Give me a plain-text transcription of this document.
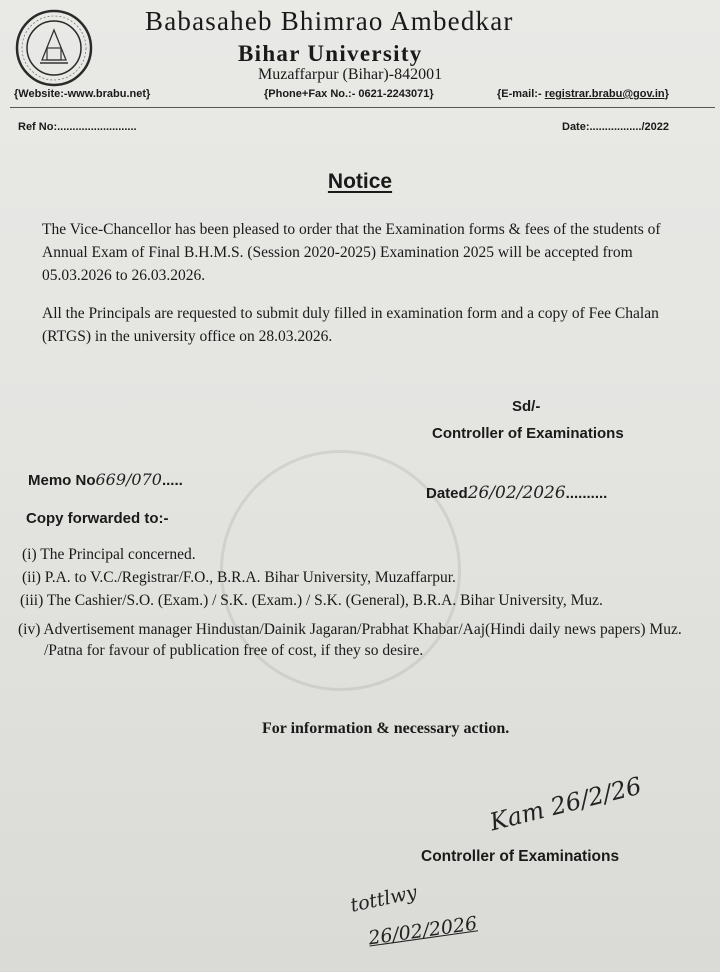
Babasaheb Bhimrao Ambedkar
Bihar University
Muzaffarpur (Bihar)-842001
{Website:-www.brabu.net}	{Phone+Fax No.:- 0621-2243071}	{E-mail:- registrar.brabu@gov.in}
Ref No:..........................	Date:................./2022
Notice
The Vice-Chancellor has been pleased to order that the Examination forms & fees of the students of Annual Exam of Final B.H.M.S. (Session 2020-2025) Examination 2025 will be accepted from 05.03.2026 to 26.03.2026.
All the Principals are requested to submit duly filled in examination form and a copy of Fee Chalan (RTGS) in the university office on 28.03.2026.
Sd/-
Controller of Examinations
Memo No669/070.....
Dated26/02/2026..........
Copy forwarded to:-
(i) The Principal concerned.
(ii) P.A. to V.C./Registrar/F.O., B.R.A. Bihar University, Muzaffarpur.
(iii) The Cashier/S.O. (Exam.) / S.K. (Exam.) / S.K. (General), B.R.A. Bihar University, Muz.
(iv) Advertisement manager Hindustan/Dainik Jagaran/Prabhat Khabar/Aaj(Hindi daily news papers) Muz. /Patna for favour of publication free of cost, if they so desire.
For information & necessary action.
Kam 26/2/26
Controller of Examinations
tottlwy
26/02/2026
